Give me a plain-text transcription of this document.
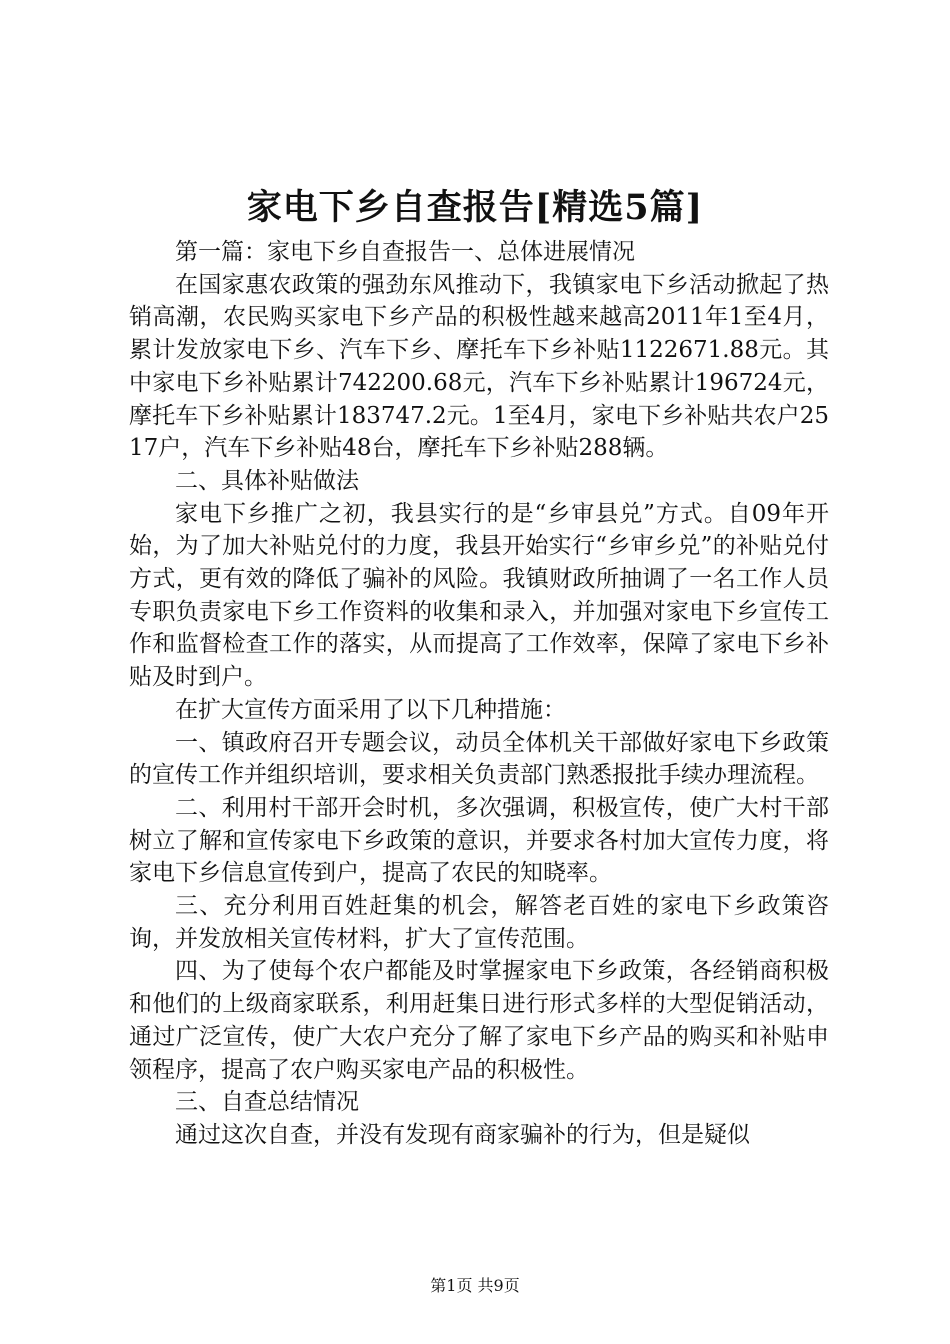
家电下乡自查报告[精选5篇]

第一篇：家电下乡自查报告一、总体进展情况

在国家惠农政策的强劲东风推动下，我镇家电下乡活动掀起了热销高潮，农民购买家电下乡产品的积极性越来越高2011年1至4月，累计发放家电下乡、汽车下乡、摩托车下乡补贴1122671.88元。其中家电下乡补贴累计742200.68元，汽车下乡补贴累计196724元，摩托车下乡补贴累计183747.2元。1至4月，家电下乡补贴共农户2517户，汽车下乡补贴48台，摩托车下乡补贴288辆。

二、具体补贴做法

家电下乡推广之初，我县实行的是“乡审县兑”方式。自09年开始，为了加大补贴兑付的力度，我县开始实行“乡审乡兑”的补贴兑付方式，更有效的降低了骗补的风险。我镇财政所抽调了一名工作人员专职负责家电下乡工作资料的收集和录入，并加强对家电下乡宣传工作和监督检查工作的落实，从而提高了工作效率，保障了家电下乡补贴及时到户。

在扩大宣传方面采用了以下几种措施：

一、镇政府召开专题会议，动员全体机关干部做好家电下乡政策的宣传工作并组织培训，要求相关负责部门熟悉报批手续办理流程。

二、利用村干部开会时机，多次强调，积极宣传，使广大村干部树立了解和宣传家电下乡政策的意识，并要求各村加大宣传力度，将家电下乡信息宣传到户，提高了农民的知晓率。

三、充分利用百姓赶集的机会，解答老百姓的家电下乡政策咨询，并发放相关宣传材料，扩大了宣传范围。

四、为了使每个农户都能及时掌握家电下乡政策，各经销商积极和他们的上级商家联系，利用赶集日进行形式多样的大型促销活动，通过广泛宣传，使广大农户充分了解了家电下乡产品的购买和补贴申领程序，提高了农户购买家电产品的积极性。

三、自查总结情况

通过这次自查，并没有发现有商家骗补的行为，但是疑似

第1页 共9页
